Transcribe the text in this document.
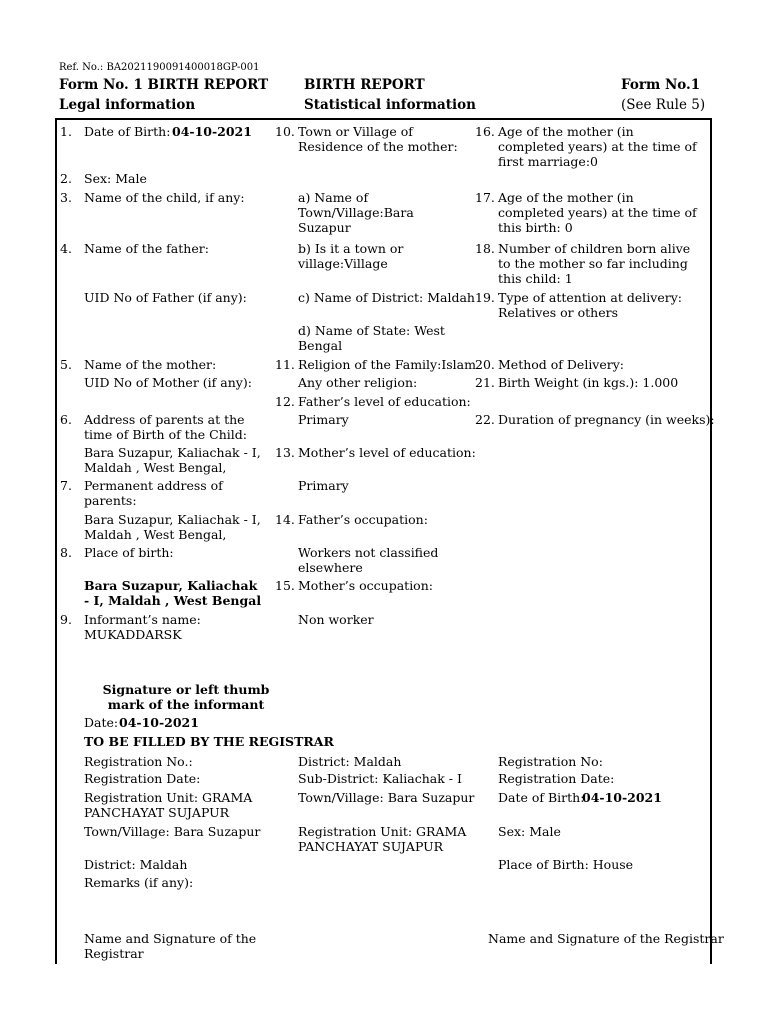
Ref. No.: BA2021190091400018GP-001
Form No. 1 BIRTH REPORT
Legal information
BIRTH REPORT
Statistical information
Form No.1
(See Rule 5)
1. Date of Birth: 04-10-2021
2. Sex: Male
3. Name of the child, if any:
4. Name of the father:
UID No of Father (if any):
5. Name of the mother:
UID No of Mother (if any):
6. Address of parents at the time of Birth of the Child:
Bara Suzapur, Kaliachak - I, Maldah , West Bengal,
7. Permanent address of parents:
Bara Suzapur, Kaliachak - I, Maldah , West Bengal,
8. Place of birth:
Bara Suzapur, Kaliachak - I, Maldah , West Bengal
9. Informant’s name:
MUKADDARSK
Signature or left thumb mark of the informant
Date: 04-10-2021
10. Town or Village of Residence of the mother:
a) Name of Town/Village:Bara Suzapur
b) Is it a town or village:Village
c) Name of District: Maldah
d) Name of State: West Bengal
11. Religion of the Family:Islam
Any other religion:
12. Father’s level of education:
Primary
13. Mother’s level of education:
Primary
14. Father’s occupation:
Workers not classified elsewhere
15. Mother’s occupation:
Non worker
16. Age of the mother (in completed years) at the time of first marriage:0
17. Age of the mother (in completed years) at the time of this birth: 0
18. Number of children born alive to the mother so far including this child: 1
19. Type of attention at delivery: Relatives or others
20. Method of Delivery:
21. Birth Weight (in kgs.): 1.000
22. Duration of pregnancy (in weeks):
TO BE FILLED BY THE REGISTRAR
Registration No.:
Registration Date:
Registration Unit: GRAMA PANCHAYAT SUJAPUR
Town/Village: Bara Suzapur
District: Maldah
Remarks (if any):
District: Maldah
Sub-District: Kaliachak - I
Town/Village: Bara Suzapur
Registration Unit: GRAMA PANCHAYAT SUJAPUR
Registration No:
Registration Date:
Date of Birth:
04-10-2021
Sex: Male
Place of Birth: House
Name and Signature of the Registrar
Name and Signature of the Registrar
